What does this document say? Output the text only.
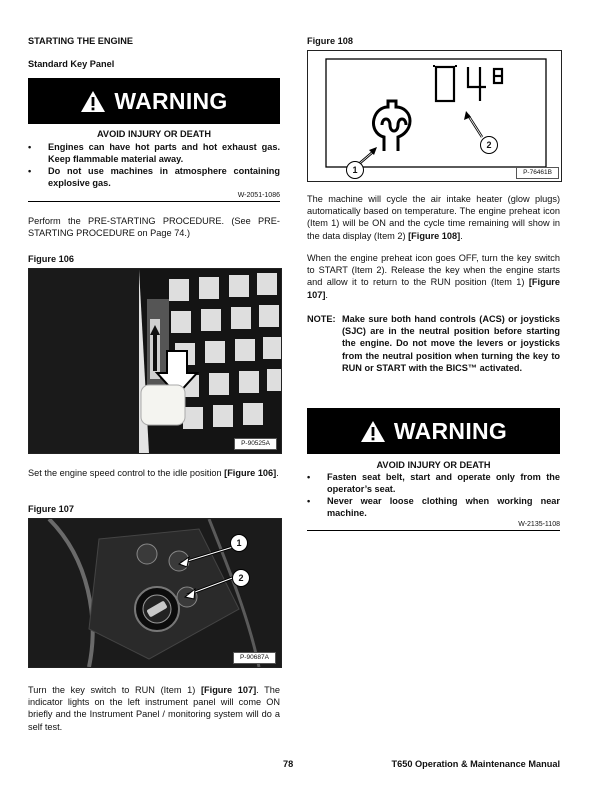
STARTING THE ENGINE
Standard Key Panel
WARNING
AVOID INJURY OR DEATH
• Engines can have hot parts and hot exhaust gas. Keep flammable material away.
• Do not use machines in atmosphere containing explosive gas.
W-2051-1086
Perform the PRE-STARTING PROCEDURE. (See PRE-STARTING PROCEDURE on Page 74.)
Figure 106
P-90525A
Set the engine speed control to the idle position [Figure 106].
Figure 107
1
2
P-90687A
Turn the key switch to RUN (Item 1) [Figure 107]. The indicator lights on the left instrument panel will come ON briefly and the Instrument Panel / monitoring system will do a self test.
Figure 108
1
2
P-76461B
The machine will cycle the air intake heater (glow plugs) automatically based on temperature. The engine preheat icon (Item 1) will be ON and the cycle time remaining will show in the data display (Item 2) [Figure 108].
When the engine preheat icon goes OFF, turn the key switch to START (Item 2). Release the key when the engine starts and allow it to return to the RUN position (Item 1) [Figure 107].
NOTE: Make sure both hand controls (ACS) or joysticks (SJC) are in the neutral position before starting the engine. Do not move the levers or joysticks from the neutral position when turning the key to RUN or START with the BICS™ activated.
WARNING
AVOID INJURY OR DEATH
• Fasten seat belt, start and operate only from the operator’s seat.
• Never wear loose clothing when working near machine.
W-2135-1108
78	T650 Operation & Maintenance Manual
